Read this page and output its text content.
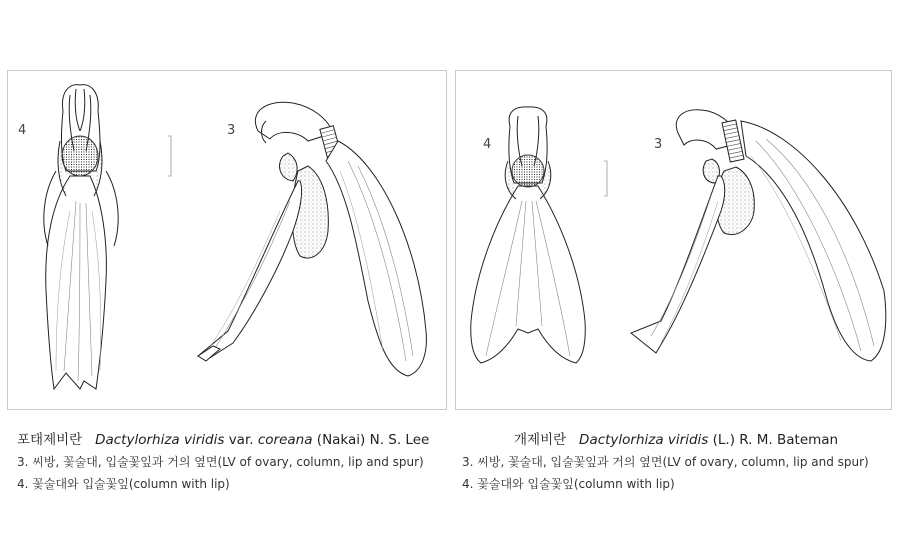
4	3
4	3
포태제비란 Dactylorhiza viridis var. coreana (Nakai) N. S. Lee
3. 씨방, 꽃술대, 입술꽃잎과 거의 옆면(LV of ovary, column, lip and spur)
4. 꽃술대와 입술꽃잎(column with lip)
개제비란 Dactylorhiza viridis (L.) R. M. Bateman
3. 씨방, 꽃술대, 입술꽃잎과 거의 옆면(LV of ovary, column, lip and spur)
4. 꽃술대와 입술꽃잎(column with lip)
